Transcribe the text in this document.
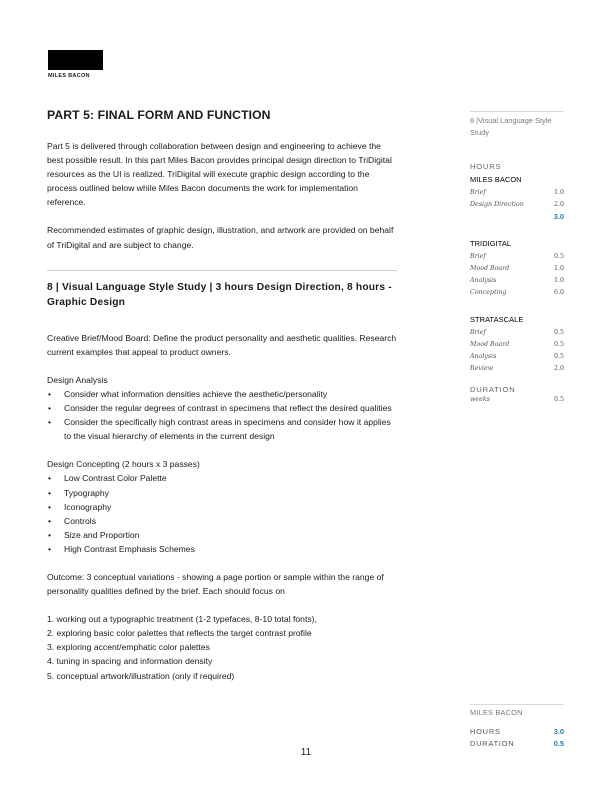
MILES BACON
PART 5: FINAL FORM AND FUNCTION

Part 5 is delivered through collaboration between design and engineering to achieve the best possible result. In this part Miles Bacon provides principal design direction to TriDigital resources as the UI is realized. TriDigital will execute graphic design according to the process outlined below while Miles Bacon documents the work for implementation reference.

Recommended estimates of graphic design, illustration, and artwork are provided on behalf of TriDigital and are subject to change.

8 | Visual Language Style Study | 3 hours Design Direction, 8 hours - Graphic Design

Creative Brief/Mood Board: Define the product personality and aesthetic qualities. Research current examples that appeal to product owners.

Design Analysis

• Consider what information densities achieve the aesthetic/personality
• Consider the regular degrees of contrast in specimens that reflect the desired qualities
• Consider the specifically high contrast areas in specimens and consider how it applies to the visual hierarchy of elements in the current design

Design Concepting (2 hours x 3 passes)

• Low Contrast Color Palette
• Typography
• Iconography
• Controls
• Size and Proportion
• High Contrast Emphasis Schemes

Outcome: 3 conceptual variations - showing a page portion or sample within the range of personality qualities defined by the brief. Each should focus on

1. working out a typographic treatment (1-2 typefaces, 8-10 total fonts),
2. exploring basic color palettes that reflects the target contrast profile
3. exploring accent/emphatic color palettes
4. tuning in spacing and information density
5. conceptual artwork/illustration (only if required)
8 |Visual Language Style Study
HOURS
MILES BACON
Brief	1.0
Design Direction	2.0
3.0
TRIDIGITAL
Brief	0.5
Mood Board	1.0
Analysis	1.0
Concepting	6.0
STRATASCALE
Brief	0.5
Mood Board	0.5
Analysis	0.5
Review	2.0
DURATION
weeks	0.5
MILES BACON
HOURS	3.0
DURATION	0.5
11
